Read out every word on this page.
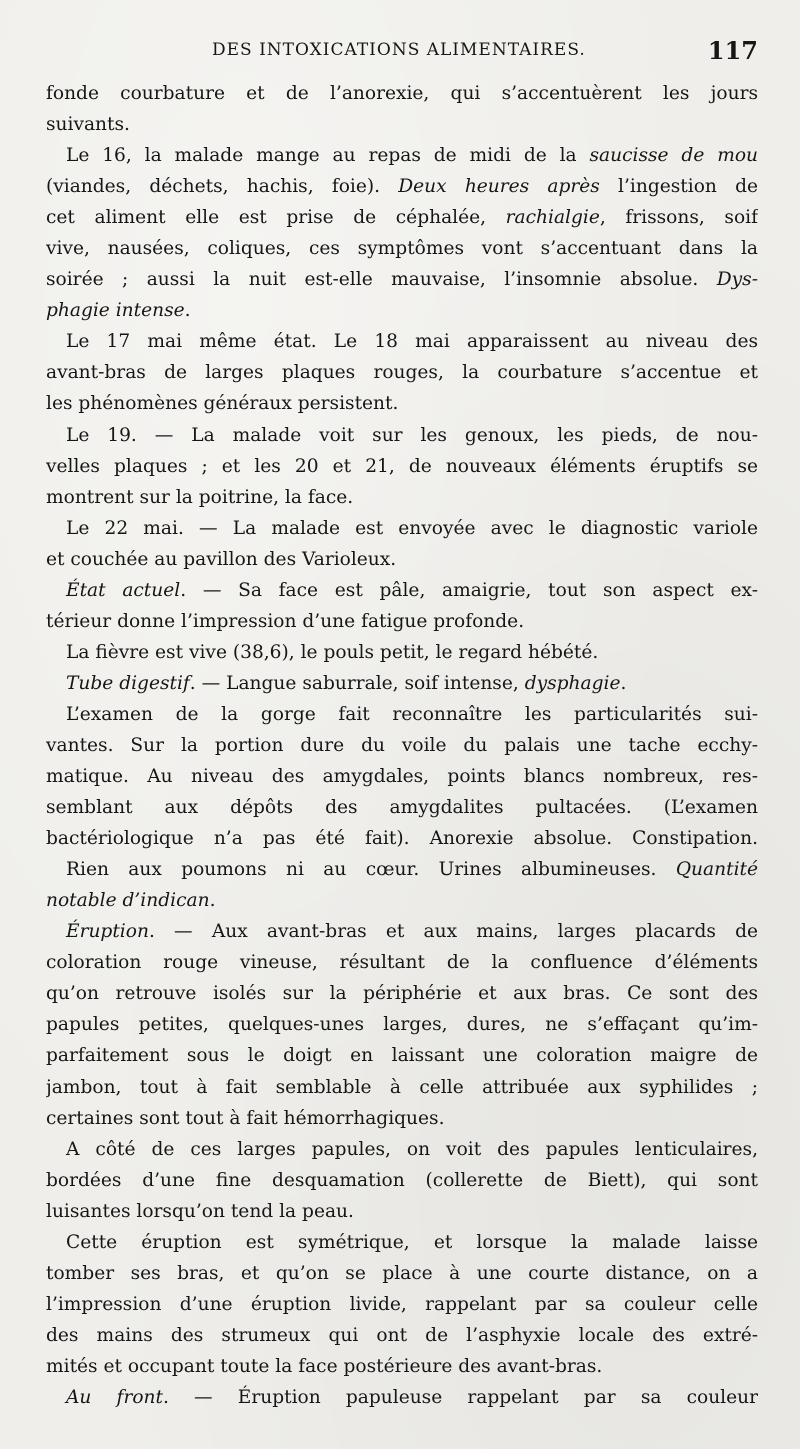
DES INTOXICATIONS ALIMENTAIRES.	117
fonde courbature et de l’anorexie, qui s’accentuèrent les jours
suivants.
Le 16, la malade mange au repas de midi de la saucisse de mou
(viandes, déchets, hachis, foie). Deux heures après l’ingestion de
cet aliment elle est prise de céphalée, rachialgie, frissons, soif
vive, nausées, coliques, ces symptômes vont s’accentuant dans la
soirée ; aussi la nuit est-elle mauvaise, l’insomnie absolue. Dys-
phagie intense.
Le 17 mai même état. Le 18 mai apparaissent au niveau des
avant-bras de larges plaques rouges, la courbature s’accentue et
les phénomènes généraux persistent.
Le 19. — La malade voit sur les genoux, les pieds, de nou-
velles plaques ; et les 20 et 21, de nouveaux éléments éruptifs se
montrent sur la poitrine, la face.
Le 22 mai. — La malade est envoyée avec le diagnostic variole
et couchée au pavillon des Varioleux.
État actuel. — Sa face est pâle, amaigrie, tout son aspect ex-
térieur donne l’impression d’une fatigue profonde.
La fièvre est vive (38,6), le pouls petit, le regard hébété.
Tube digestif. — Langue saburrale, soif intense, dysphagie.
L’examen de la gorge fait reconnaître les particularités sui-
vantes. Sur la portion dure du voile du palais une tache ecchy-
matique. Au niveau des amygdales, points blancs nombreux, res-
semblant aux dépôts des amygdalites pultacées. (L’examen
bactériologique n’a pas été fait). Anorexie absolue. Constipation.
Rien aux poumons ni au cœur. Urines albumineuses. Quantité
notable d’indican.
Éruption. — Aux avant-bras et aux mains, larges placards de
coloration rouge vineuse, résultant de la confluence d’éléments
qu’on retrouve isolés sur la périphérie et aux bras. Ce sont des
papules petites, quelques-unes larges, dures, ne s’effaçant qu’im-
parfaitement sous le doigt en laissant une coloration maigre de
jambon, tout à fait semblable à celle attribuée aux syphilides ;
certaines sont tout à fait hémorrhagiques.
A côté de ces larges papules, on voit des papules lenticulaires,
bordées d’une fine desquamation (collerette de Biett), qui sont
luisantes lorsqu’on tend la peau.
Cette éruption est symétrique, et lorsque la malade laisse
tomber ses bras, et qu’on se place à une courte distance, on a
l’impression d’une éruption livide, rappelant par sa couleur celle
des mains des strumeux qui ont de l’asphyxie locale des extré-
mités et occupant toute la face postérieure des avant-bras.
Au front. — Éruption papuleuse rappelant par sa couleur
